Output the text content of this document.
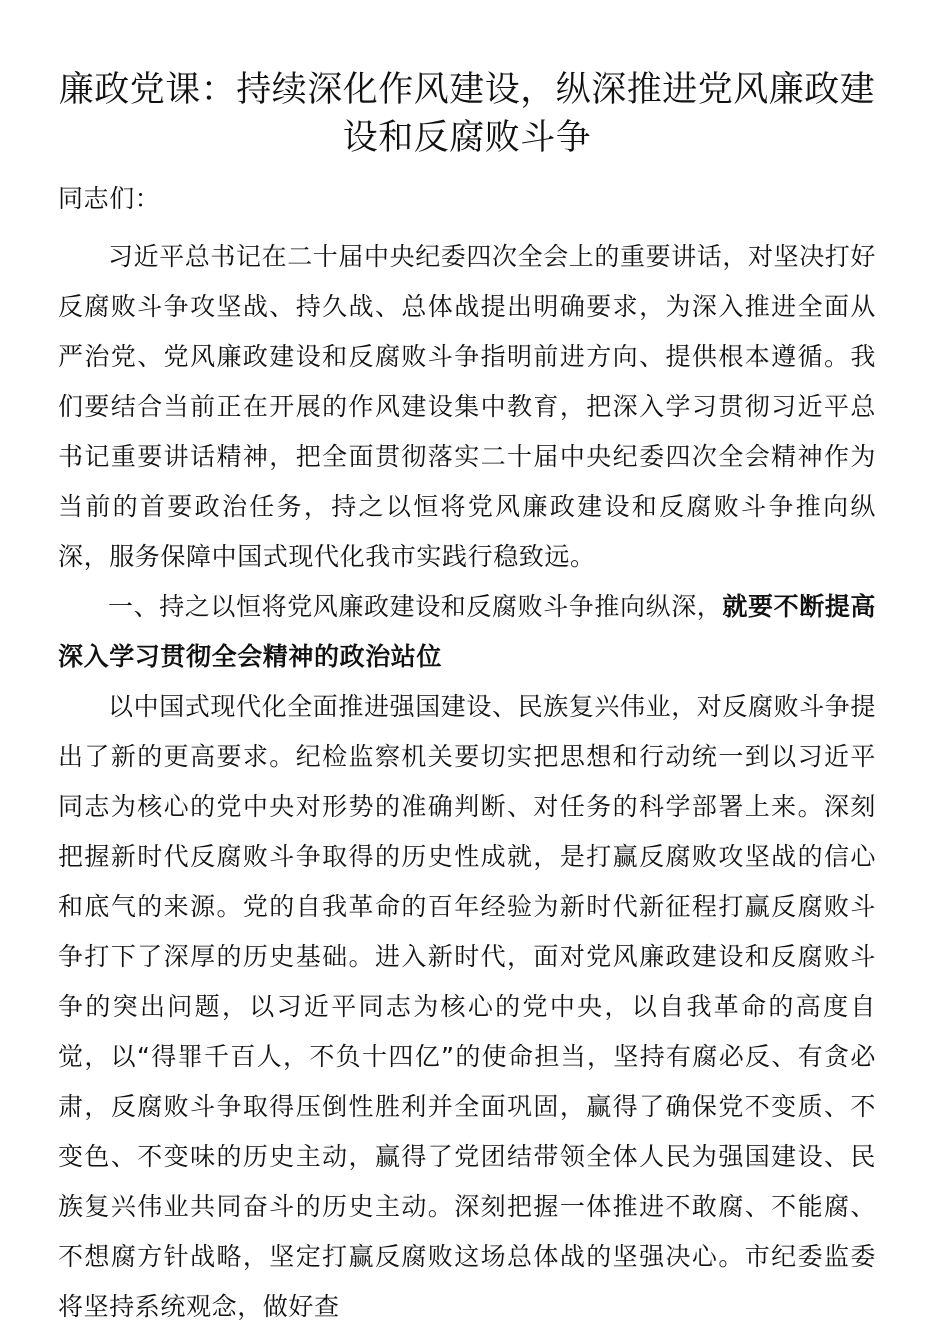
廉政党课：持续深化作风建设，纵深推进党风廉政建设和反腐败斗争

同志们：

习近平总书记在二十届中央纪委四次全会上的重要讲话，对坚决打好反腐败斗争攻坚战、持久战、总体战提出明确要求，为深入推进全面从严治党、党风廉政建设和反腐败斗争指明前进方向、提供根本遵循。我们要结合当前正在开展的作风建设集中教育，把深入学习贯彻习近平总书记重要讲话精神，把全面贯彻落实二十届中央纪委四次全会精神作为当前的首要政治任务，持之以恒将党风廉政建设和反腐败斗争推向纵深，服务保障中国式现代化我市实践行稳致远。

一、持之以恒将党风廉政建设和反腐败斗争推向纵深，就要不断提高深入学习贯彻全会精神的政治站位

以中国式现代化全面推进强国建设、民族复兴伟业，对反腐败斗争提出了新的更高要求。纪检监察机关要切实把思想和行动统一到以习近平同志为核心的党中央对形势的准确判断、对任务的科学部署上来。深刻把握新时代反腐败斗争取得的历史性成就，是打赢反腐败攻坚战的信心和底气的来源。党的自我革命的百年经验为新时代新征程打赢反腐败斗争打下了深厚的历史基础。进入新时代，面对党风廉政建设和反腐败斗争的突出问题，以习近平同志为核心的党中央，以自我革命的高度自觉，以“得罪千百人，不负十四亿”的使命担当，坚持有腐必反、有贪必肃，反腐败斗争取得压倒性胜利并全面巩固，赢得了确保党不变质、不变色、不变味的历史主动，赢得了党团结带领全体人民为强国建设、民族复兴伟业共同奋斗的历史主动。深刻把握一体推进不敢腐、不能腐、不想腐方针战略，坚定打赢反腐败这场总体战的坚强决心。市纪委监委将坚持系统观念，做好查
